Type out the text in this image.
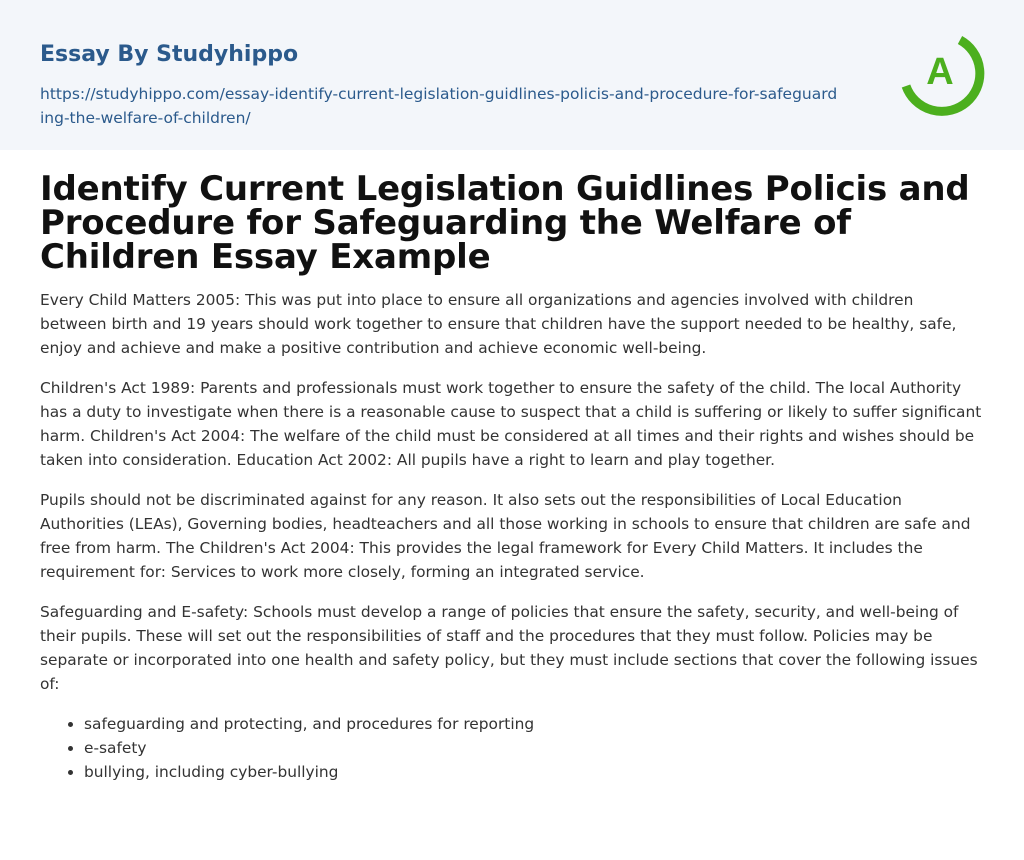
Essay By Studyhippo
https://studyhippo.com/essay-identify-current-legislation-guidlines-policis-and-procedure-for-safeguarding-the-welfare-of-children/
A
Identify Current Legislation Guidlines Policis and Procedure for Safeguarding the Welfare of Children Essay Example

Every Child Matters 2005: This was put into place to ensure all organizations and agencies involved with children between birth and 19 years should work together to ensure that children have the support needed to be healthy, safe, enjoy and achieve and make a positive contribution and achieve economic well-being.

Children's Act 1989: Parents and professionals must work together to ensure the safety of the child. The local Authority has a duty to investigate when there is a reasonable cause to suspect that a child is suffering or likely to suffer significant harm. Children's Act 2004: The welfare of the child must be considered at all times and their rights and wishes should be taken into consideration. Education Act 2002: All pupils have a right to learn and play together.

Pupils should not be discriminated against for any reason. It also sets out the responsibilities of Local Education Authorities (LEAs), Governing bodies, headteachers and all those working in schools to ensure that children are safe and free from harm. The Children's Act 2004: This provides the legal framework for Every Child Matters. It includes the requirement for: Services to work more closely, forming an integrated service.

Safeguarding and E-safety: Schools must develop a range of policies that ensure the safety, security, and well-being of their pupils. These will set out the responsibilities of staff and the procedures that they must follow. Policies may be separate or incorporated into one health and safety policy, but they must include sections that cover the following issues of:

• safeguarding and protecting, and procedures for reporting
• e-safety
• bullying, including cyber-bullying
